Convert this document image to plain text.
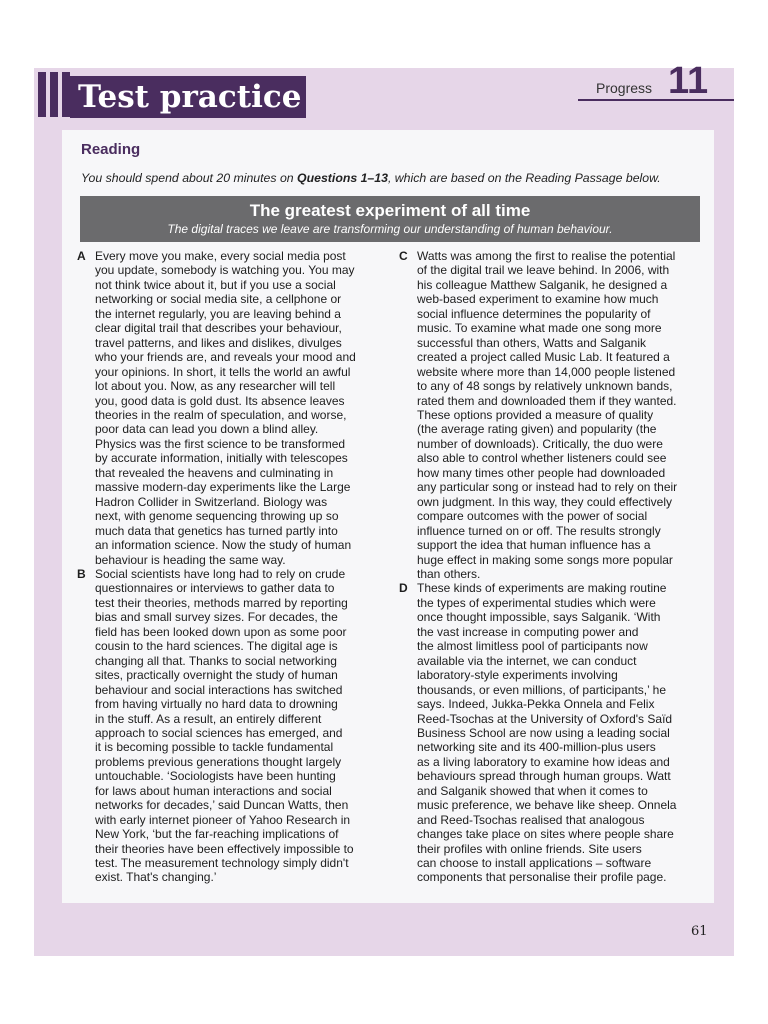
Test practice	Progress 11
Reading
You should spend about 20 minutes on Questions 1–13, which are based on the Reading Passage below.
The greatest experiment of all time
The digital traces we leave are transforming our understanding of human behaviour.
A Every move you make, every social media post
you update, somebody is watching you. You may
not think twice about it, but if you use a social
networking or social media site, a cellphone or
the internet regularly, you are leaving behind a
clear digital trail that describes your behaviour,
travel patterns, and likes and dislikes, divulges
who your friends are, and reveals your mood and
your opinions. In short, it tells the world an awful
lot about you. Now, as any researcher will tell
you, good data is gold dust. Its absence leaves
theories in the realm of speculation, and worse,
poor data can lead you down a blind alley.
Physics was the first science to be transformed
by accurate information, initially with telescopes
that revealed the heavens and culminating in
massive modern-day experiments like the Large
Hadron Collider in Switzerland. Biology was
next, with genome sequencing throwing up so
much data that genetics has turned partly into
an information science. Now the study of human
behaviour is heading the same way.
B Social scientists have long had to rely on crude
questionnaires or interviews to gather data to
test their theories, methods marred by reporting
bias and small survey sizes. For decades, the
field has been looked down upon as some poor
cousin to the hard sciences. The digital age is
changing all that. Thanks to social networking
sites, practically overnight the study of human
behaviour and social interactions has switched
from having virtually no hard data to drowning
in the stuff. As a result, an entirely different
approach to social sciences has emerged, and
it is becoming possible to tackle fundamental
problems previous generations thought largely
untouchable. ‘Sociologists have been hunting
for laws about human interactions and social
networks for decades,’ said Duncan Watts, then
with early internet pioneer of Yahoo Research in
New York, ‘but the far-reaching implications of
their theories have been effectively impossible to
test. The measurement technology simply didn't
exist. That's changing.’
C Watts was among the first to realise the potential
of the digital trail we leave behind. In 2006, with
his colleague Matthew Salganik, he designed a
web-based experiment to examine how much
social influence determines the popularity of
music. To examine what made one song more
successful than others, Watts and Salganik
created a project called Music Lab. It featured a
website where more than 14,000 people listened
to any of 48 songs by relatively unknown bands,
rated them and downloaded them if they wanted.
These options provided a measure of quality
(the average rating given) and popularity (the
number of downloads). Critically, the duo were
also able to control whether listeners could see
how many times other people had downloaded
any particular song or instead had to rely on their
own judgment. In this way, they could effectively
compare outcomes with the power of social
influence turned on or off. The results strongly
support the idea that human influence has a
huge effect in making some songs more popular
than others.
D These kinds of experiments are making routine
the types of experimental studies which were
once thought impossible, says Salganik. ‘With
the vast increase in computing power and
the almost limitless pool of participants now
available via the internet, we can conduct
laboratory-style experiments involving
thousands, or even millions, of participants,’ he
says. Indeed, Jukka-Pekka Onnela and Felix
Reed-Tsochas at the University of Oxford's Saïd
Business School are now using a leading social
networking site and its 400-million-plus users
as a living laboratory to examine how ideas and
behaviours spread through human groups. Watt
and Salganik showed that when it comes to
music preference, we behave like sheep. Onnela
and Reed-Tsochas realised that analogous
changes take place on sites where people share
their profiles with online friends. Site users
can choose to install applications – software
components that personalise their profile page.
61
